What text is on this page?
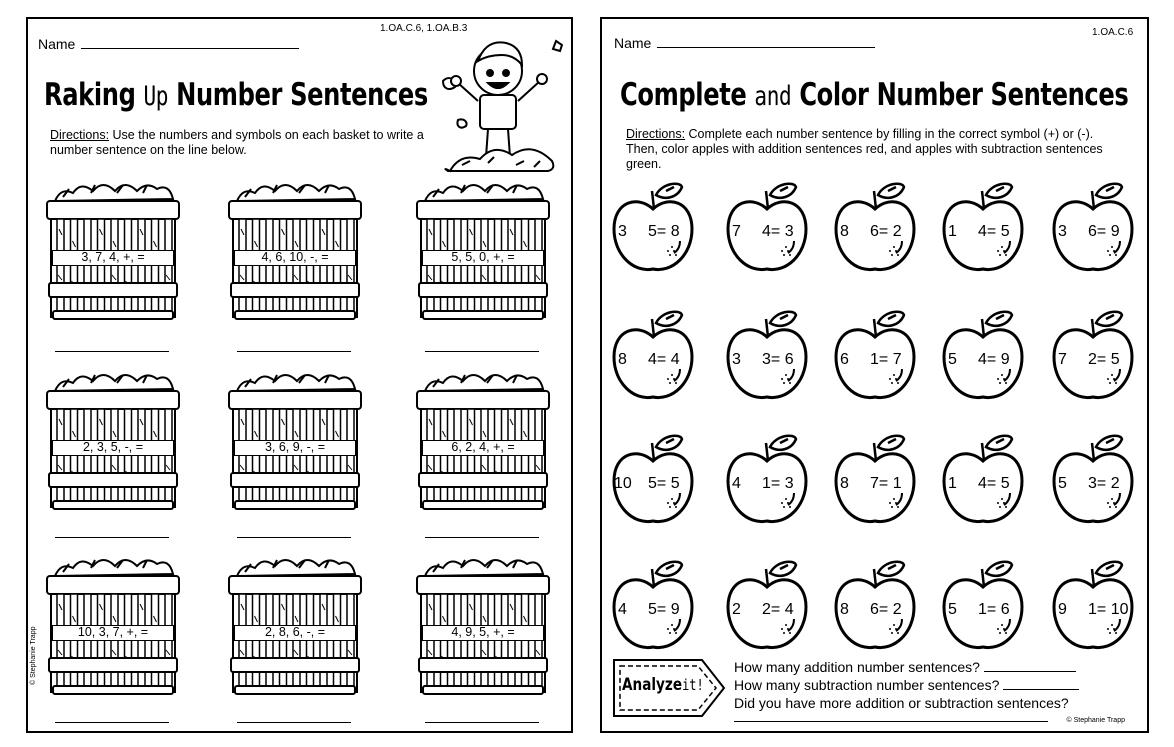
1.OA.C.6, 1.OA.B.3
Name
Raking Up Number Sentences
Directions: Use the numbers and symbols on each basket to write a number sentence on the line below.
3, 7, 4, +, =	4, 6, 10, -, =	5, 5, 0, +, =
2, 3, 5, -, =	3, 6, 9, -, =	6, 2, 4, +, =
10, 3, 7, +, =	2, 8, 6, -, =	4, 9, 5, +, =
© Stephanie Trapp
1.OA.C.6
Name
Complete and Color Number Sentences
Directions: Complete each number sentence by filling in the correct symbol (+) or (-). Then, color apples with addition sentences red, and apples with subtraction sentences green.
3 5= 8	7 4= 3	8 6= 2	1 4= 5	3 6= 9
8 4= 4	3 3= 6	6 1= 7	5 4= 9	7 2= 5
10 5= 5	4 1= 3	8 7= 1	1 4= 5	5 3= 2
4 5= 9	2 2= 4	8 6= 2	5 1= 6	9 1= 10
Analyzeit!
How many addition number sentences?
How many subtraction number sentences?
Did you have more addition or subtraction sentences?
© Stephanie Trapp
